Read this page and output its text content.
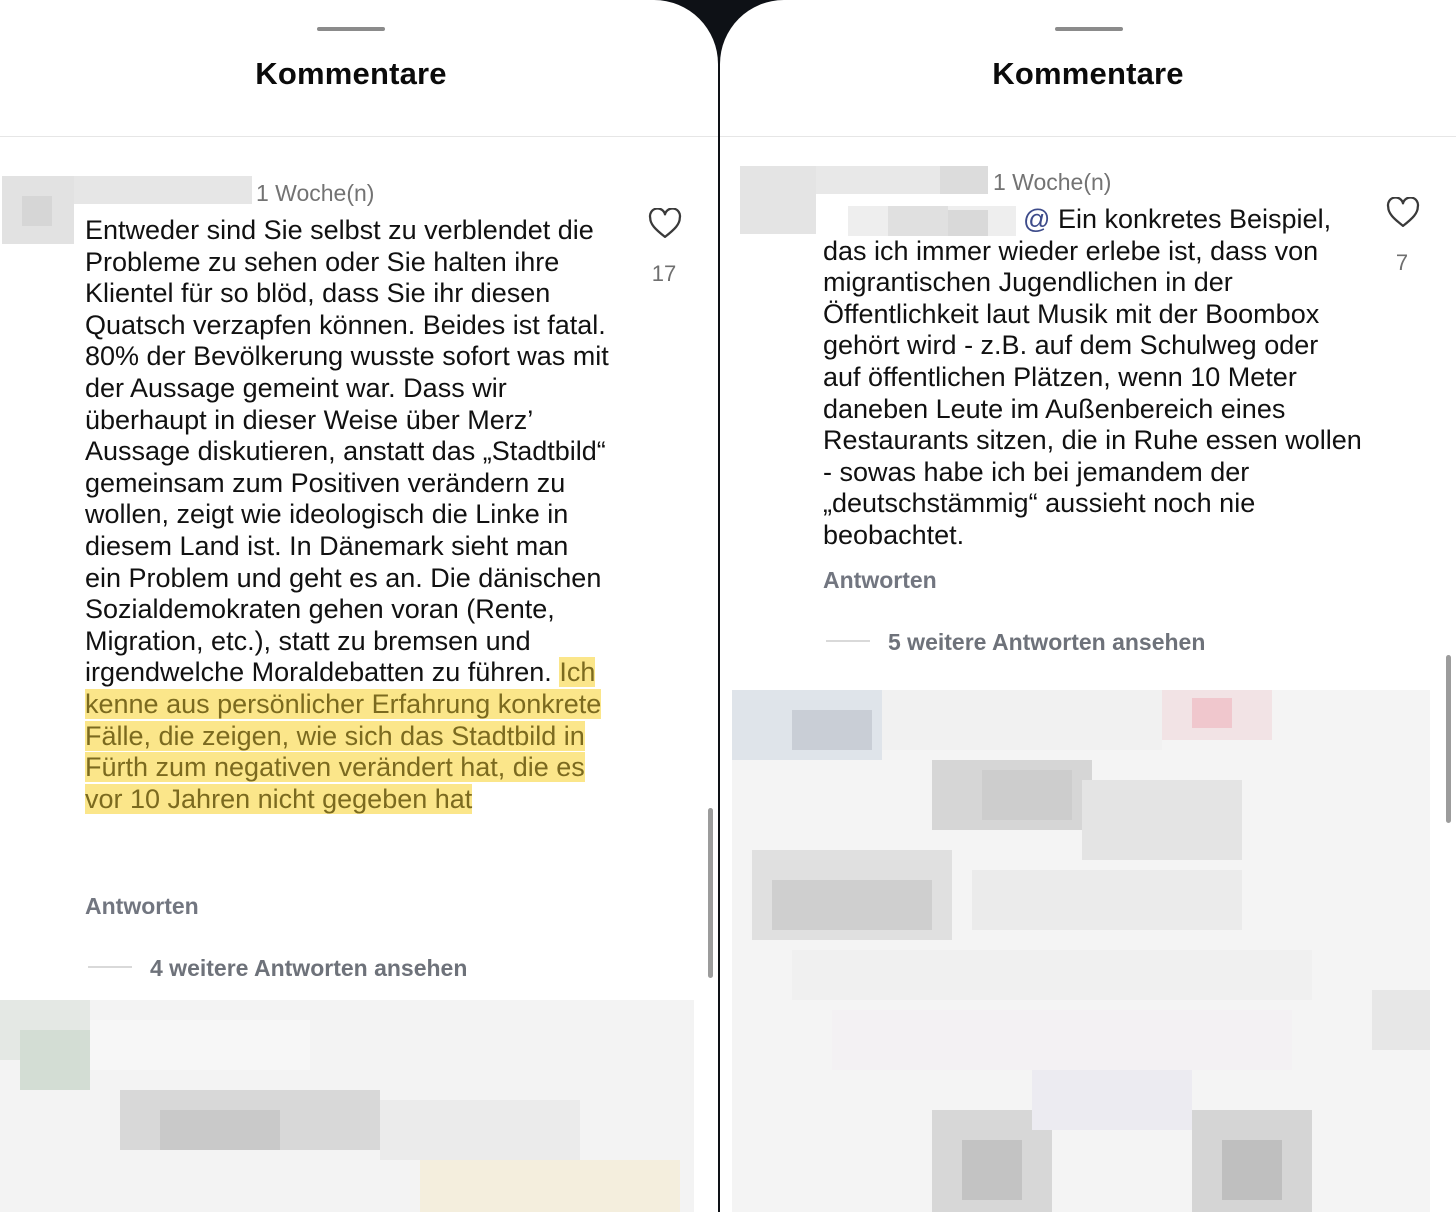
Kommentare
1 Woche(n)
Entweder sind Sie selbst zu verblendet die Probleme zu sehen oder Sie halten ihre Klientel für so blöd, dass Sie ihr diesen Quatsch verzapfen können. Beides ist fatal. 80% der Bevölkerung wusste sofort was mit der Aussage gemeint war. Dass wir überhaupt in dieser Weise über Merz’ Aussage diskutieren, anstatt das „Stadtbild“ gemeinsam zum Positiven verändern zu wollen, zeigt wie ideologisch die Linke in diesem Land ist. In Dänemark sieht man ein Problem und geht es an. Die dänischen Sozialdemokraten gehen voran (Rente, Migration, etc.), statt zu bremsen und irgendwelche Moraldebatten zu führen. Ich kenne aus persönlicher Erfahrung konkrete Fälle, die zeigen, wie sich das Stadtbild in Fürth zum negativen verändert hat, die es vor 10 Jahren nicht gegeben hat
17
Antworten
4 weitere Antworten ansehen
Kommentare
1 Woche(n)
@ Ein konkretes Beispiel, das ich immer wieder erlebe ist, dass von migrantischen Jugendlichen in der Öffentlichkeit laut Musik mit der Boombox gehört wird - z.B. auf dem Schulweg oder auf öffentlichen Plätzen, wenn 10 Meter daneben Leute im Außenbereich eines Restaurants sitzen, die in Ruhe essen wollen - sowas habe ich bei jemandem der „deutschstämmig“ aussieht noch nie beobachtet.
7
Antworten
5 weitere Antworten ansehen
